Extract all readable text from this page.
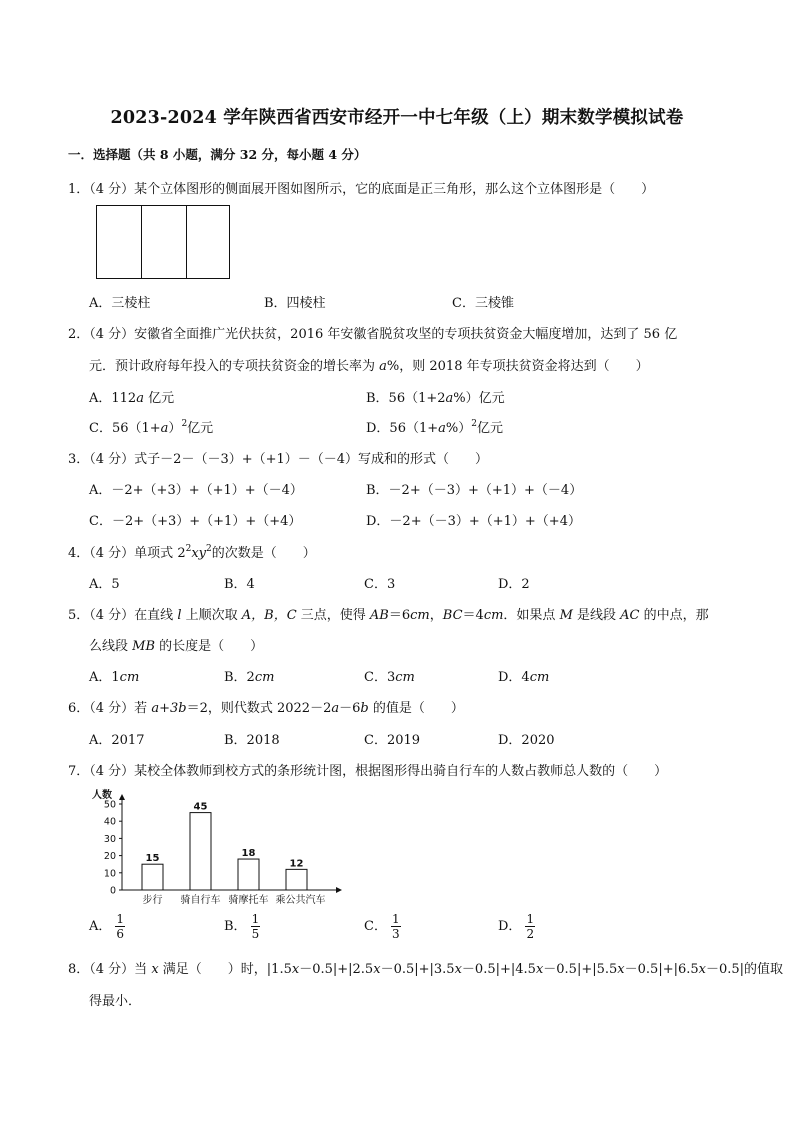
2023-2024 学年陕西省西安市经开一中七年级（上）期末数学模拟试卷
一．选择题（共 8 小题，满分 32 分，每小题 4 分）
1．（4 分）某个立体图形的侧面展开图如图所示，它的底面是正三角形，那么这个立体图形是（　　）
A．三棱柱	B．四棱柱	C．三棱锥
2．（4 分）安徽省全面推广光伏扶贫，2016 年安徽省脱贫攻坚的专项扶贫资金大幅度增加，达到了 56 亿
元．预计政府每年投入的专项扶贫资金的增长率为 a%，则 2018 年专项扶贫资金将达到（　　）
A．112a 亿元	B．56（1+2a%）亿元
C．$56(1+a)^2$亿元	D．$56(1+a\%)^2$亿元
3．（4 分）式子－2－（－3）+（+1）－（－4）写成和的形式（　　）
A．－2+（+3）+（+1）+（－4）	B．－2+（－3）+（+1）+（－4）
C．－2+（+3）+（+1）+（+4）	D．－2+（－3）+（+1）+（+4）
4．（4 分）单项式 $2^2xy^2$的次数是（　　）
A．5	B．4	C．3	D．2
5．（4 分）在直线 l 上顺次取 A，B，C 三点，使得 AB＝6cm，BC＝4cm．如果点 M 是线段 AC 的中点，那
么线段 MB 的长度是（　　）
A．1cm	B．2cm	C．3cm	D．4cm
6．（4 分）若 a+3b＝2，则代数式 2022－2a－6b 的值是（　　）
A．2017	B．2018	C．2019	D．2020
7．（4 分）某校全体教师到校方式的条形统计图，根据图形得出骑自行车的人数占教师总人数的（　　）
人数
0
10
20
30
40
50
15
步行
45
骑自行车
18
骑摩托车
12
乘公共汽车
A． $\frac{1}{6}$	B． $\frac{1}{5}$	C． $\frac{1}{3}$	D． $\frac{1}{2}$
8．（4 分）当 x 满足（　　）时，|1.5x－0.5|+|2.5x－0.5|+|3.5x－0.5|+|4.5x－0.5|+|5.5x－0.5|+|6.5x－0.5|的值取
得最小．
